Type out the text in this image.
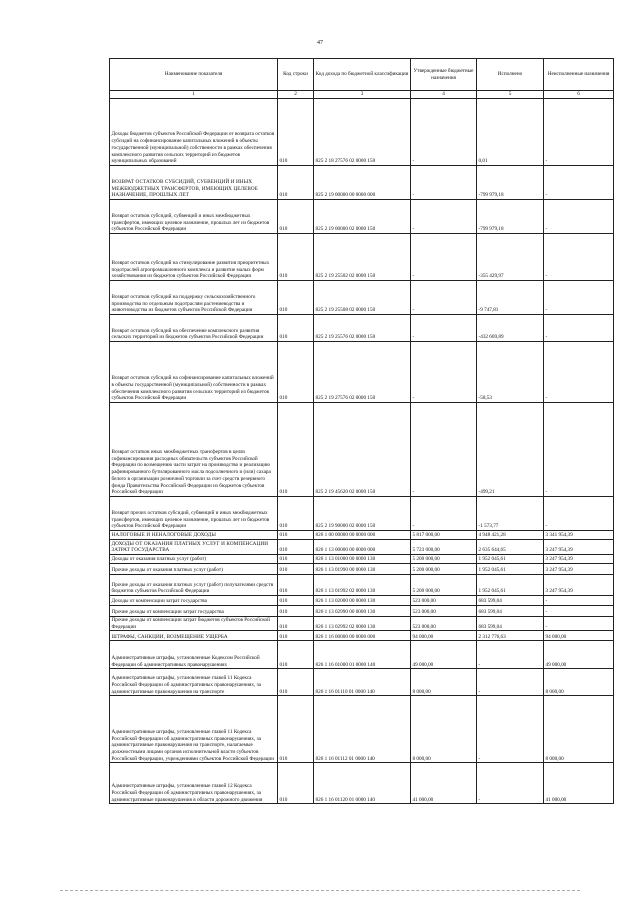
47
Наименование показателя	Код строки	Код дохода по бюджетной классификации	Утвержденные бюджетные назначения	Исполнено	Неисполненные назначения
1	2	3	4	5	6
Доходы бюджетов субъектов Российской Федерации от возврата остатков субсидий на софинансирование капитальных вложений в объекты государственной (муниципальной) собственности в рамках обеспечения комплексного развития сельских территорий из бюджетов муниципальных образований	010	825 2 18 27576 02 0000 150	-	0,01	-
ВОЗВРАТ ОСТАТКОВ СУБСИДИЙ, СУБВЕНЦИЙ И ИНЫХ МЕЖБЮДЖЕТНЫХ ТРАНСФЕРТОВ, ИМЕЮЩИХ ЦЕЛЕВОЕ НАЗНАЧЕНИЕ, ПРОШЛЫХ ЛЕТ	010	825 2 19 00000 00 0000 000	-	-799 979,18	-
Возврат остатков субсидий, субвенций и иных межбюджетных трансфертов, имеющих целевое назначение, прошлых лет из бюджетов субъектов Российской Федерации	010	825 2 19 00000 02 0000 150	-	-799 979,18	-
Возврат остатков субсидий на стимулирование развития приоритетных подотраслей агропромышленного комплекса и развитие малых форм хозяйствования из бюджетов субъектов Российской Федерации	010	825 2 19 25502 02 0000 150	-	-355 429,97	-
Возврат остатков субсидий на поддержку сельскохозяйственного производства по отдельным подотраслям растениеводства и животноводства из бюджетов субъектов Российской Федерации	010	825 2 19 25508 02 0000 150	-	-9 747,81	-
Возврат остатков субсидий на обеспечение комплексного развития сельских территорий из бюджетов субъектов Российской Федерации	010	825 2 19 25576 02 0000 150	-	-432 669,89	-
Возврат остатков субсидий на софинансирование капитальных вложений в объекты государственной (муниципальной) собственности в рамках обеспечения комплексного развития сельских территорий из бюджетов субъектов Российской Федерации	010	825 2 19 27576 02 0000 150	-	-58,53	-
Возврат остатков иных межбюджетных трансфертов в целях софинансирования расходных обязательств субъектов Российской Федерации по возмещению части затрат на производство и реализацию рафинированного бутилированного масла подсолнечного и (или) сахара белого в организации розничной торговли за счет средств резервного фонда Правительства Российской Федерации из бюджетов субъектов Российской Федерации	010	825 2 19 45620 02 0000 150	-	-499,21	-
Возврат прочих остатков субсидий, субвенций и иных межбюджетных трансфертов, имеющих целевое назначение, прошлых лет из бюджетов субъектов Российской Федерации	010	825 2 19 90000 02 0000 150	-	-1 573,77	-
НАЛОГОВЫЕ И НЕНАЛОГОВЫЕ ДОХОДЫ	010	826 1 00 00000 00 0000 000	5 817 000,00	4 948 421,28	3 341 954,39
ДОХОДЫ ОТ ОКАЗАНИЯ ПЛАТНЫХ УСЛУГ И КОМПЕНСАЦИИ ЗАТРАТ ГОСУДАРСТВА	010	826 1 13 00000 00 0000 000	5 723 000,00	2 635 644,65	3 247 954,39
Доходы от оказания платных услуг (работ)	010	826 1 13 01000 00 0000 130	5 200 000,00	1 952 045,61	3 247 954,39
Прочие доходы от оказания платных услуг (работ)	010	826 1 13 01990 00 0000 130	5 200 000,00	1 952 045,61	3 247 954,39
Прочие доходы от оказания платных услуг (работ) получателями средств бюджетов субъектов Российской Федерации	010	826 1 13 01992 02 0000 130	5 200 000,00	1 952 045,61	3 247 954,39
Доходы от компенсации затрат государства	010	826 1 13 02000 00 0000 130	523 000,00	683 599,04	-
Прочие доходы от компенсации затрат государства	010	826 1 13 02990 00 0000 130	523 000,00	683 599,04	-
Прочие доходы от компенсации затрат бюджетов субъектов Российской Федерации	010	826 1 13 02992 02 0000 130	523 000,00	683 599,04	-
ШТРАФЫ, САНКЦИИ, ВОЗМЕЩЕНИЕ УЩЕРБА	010	826 1 16 00000 00 0000 000	94 000,00	2 312 776,63	94 000,00
Административные штрафы, установленные Кодексом Российской Федерации об административных правонарушениях	010	826 1 16 01000 01 0000 140	49 000,00	-	49 000,00
Административные штрафы, установленные главой 11 Кодекса Российской Федерации об административных правонарушениях, за административные правонарушения на транспорте	010	826 1 16 01110 01 0000 140	8 000,00	-	8 000,00
Административные штрафы, установленные главой 11 Кодекса Российской Федерации об административных правонарушениях, за административные правонарушения на транспорте, налагаемые должностными лицами органов исполнительной власти субъектов Российской Федерации, учреждениями субъектов Российской Федерации	010	826 1 16 01112 01 0000 140	8 000,00	-	8 000,00
Административные штрафы, установленные главой 12 Кодекса Российской Федерации об административных правонарушениях, за административные правонарушения в области дорожного движения	010	826 1 16 01120 01 0000 140	41 000,00	-	41 000,00
